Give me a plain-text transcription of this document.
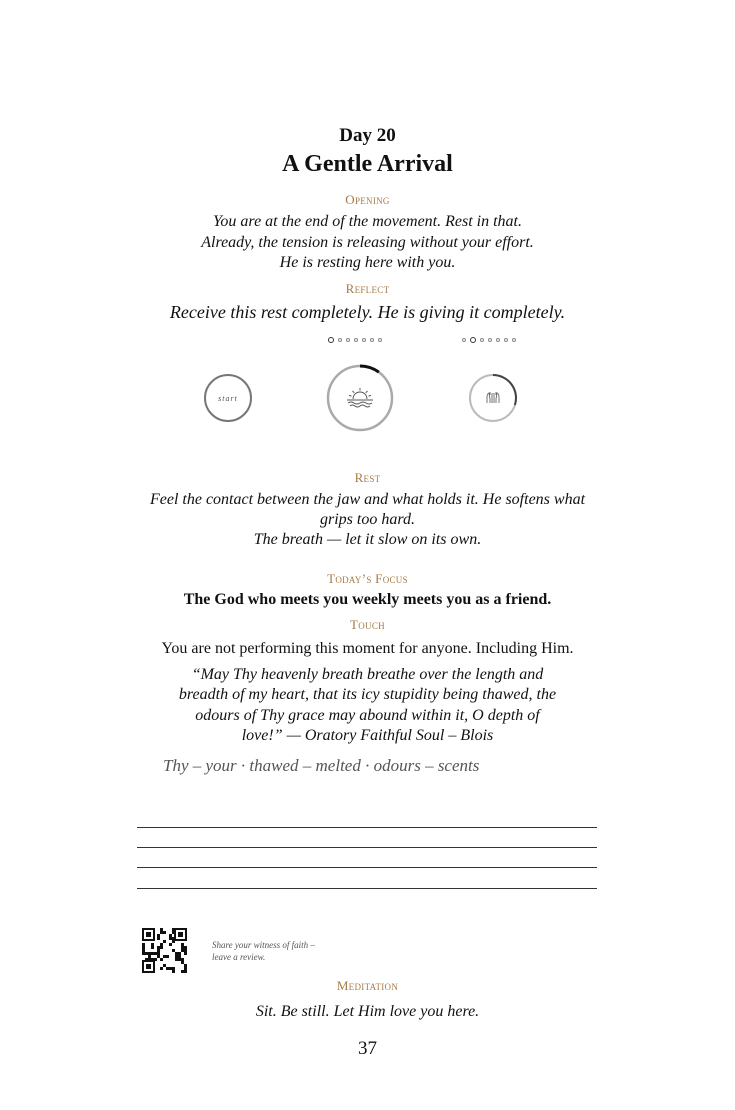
Day 20
A Gentle Arrival
Opening
You are at the end of the movement. Rest in that.
Already, the tension is releasing without your effort.
He is resting here with you.
Reflect
Receive this rest completely. He is giving it completely.
start
Rest
Feel the contact between the jaw and what holds it. He softens what
grips too hard.
The breath — let it slow on its own.
Today’s Focus
The God who meets you weekly meets you as a friend.
Touch
You are not performing this moment for anyone. Including Him.
“May Thy heavenly breath breathe over the length and
breadth of my heart, that its icy stupidity being thawed, the
odours of Thy grace may abound within it, O depth of
love!” — Oratory Faithful Soul – Blois
Thy – your · thawed – melted · odours – scents
Share your witness of faith –
leave a review.
Meditation
Sit. Be still. Let Him love you here.
37
